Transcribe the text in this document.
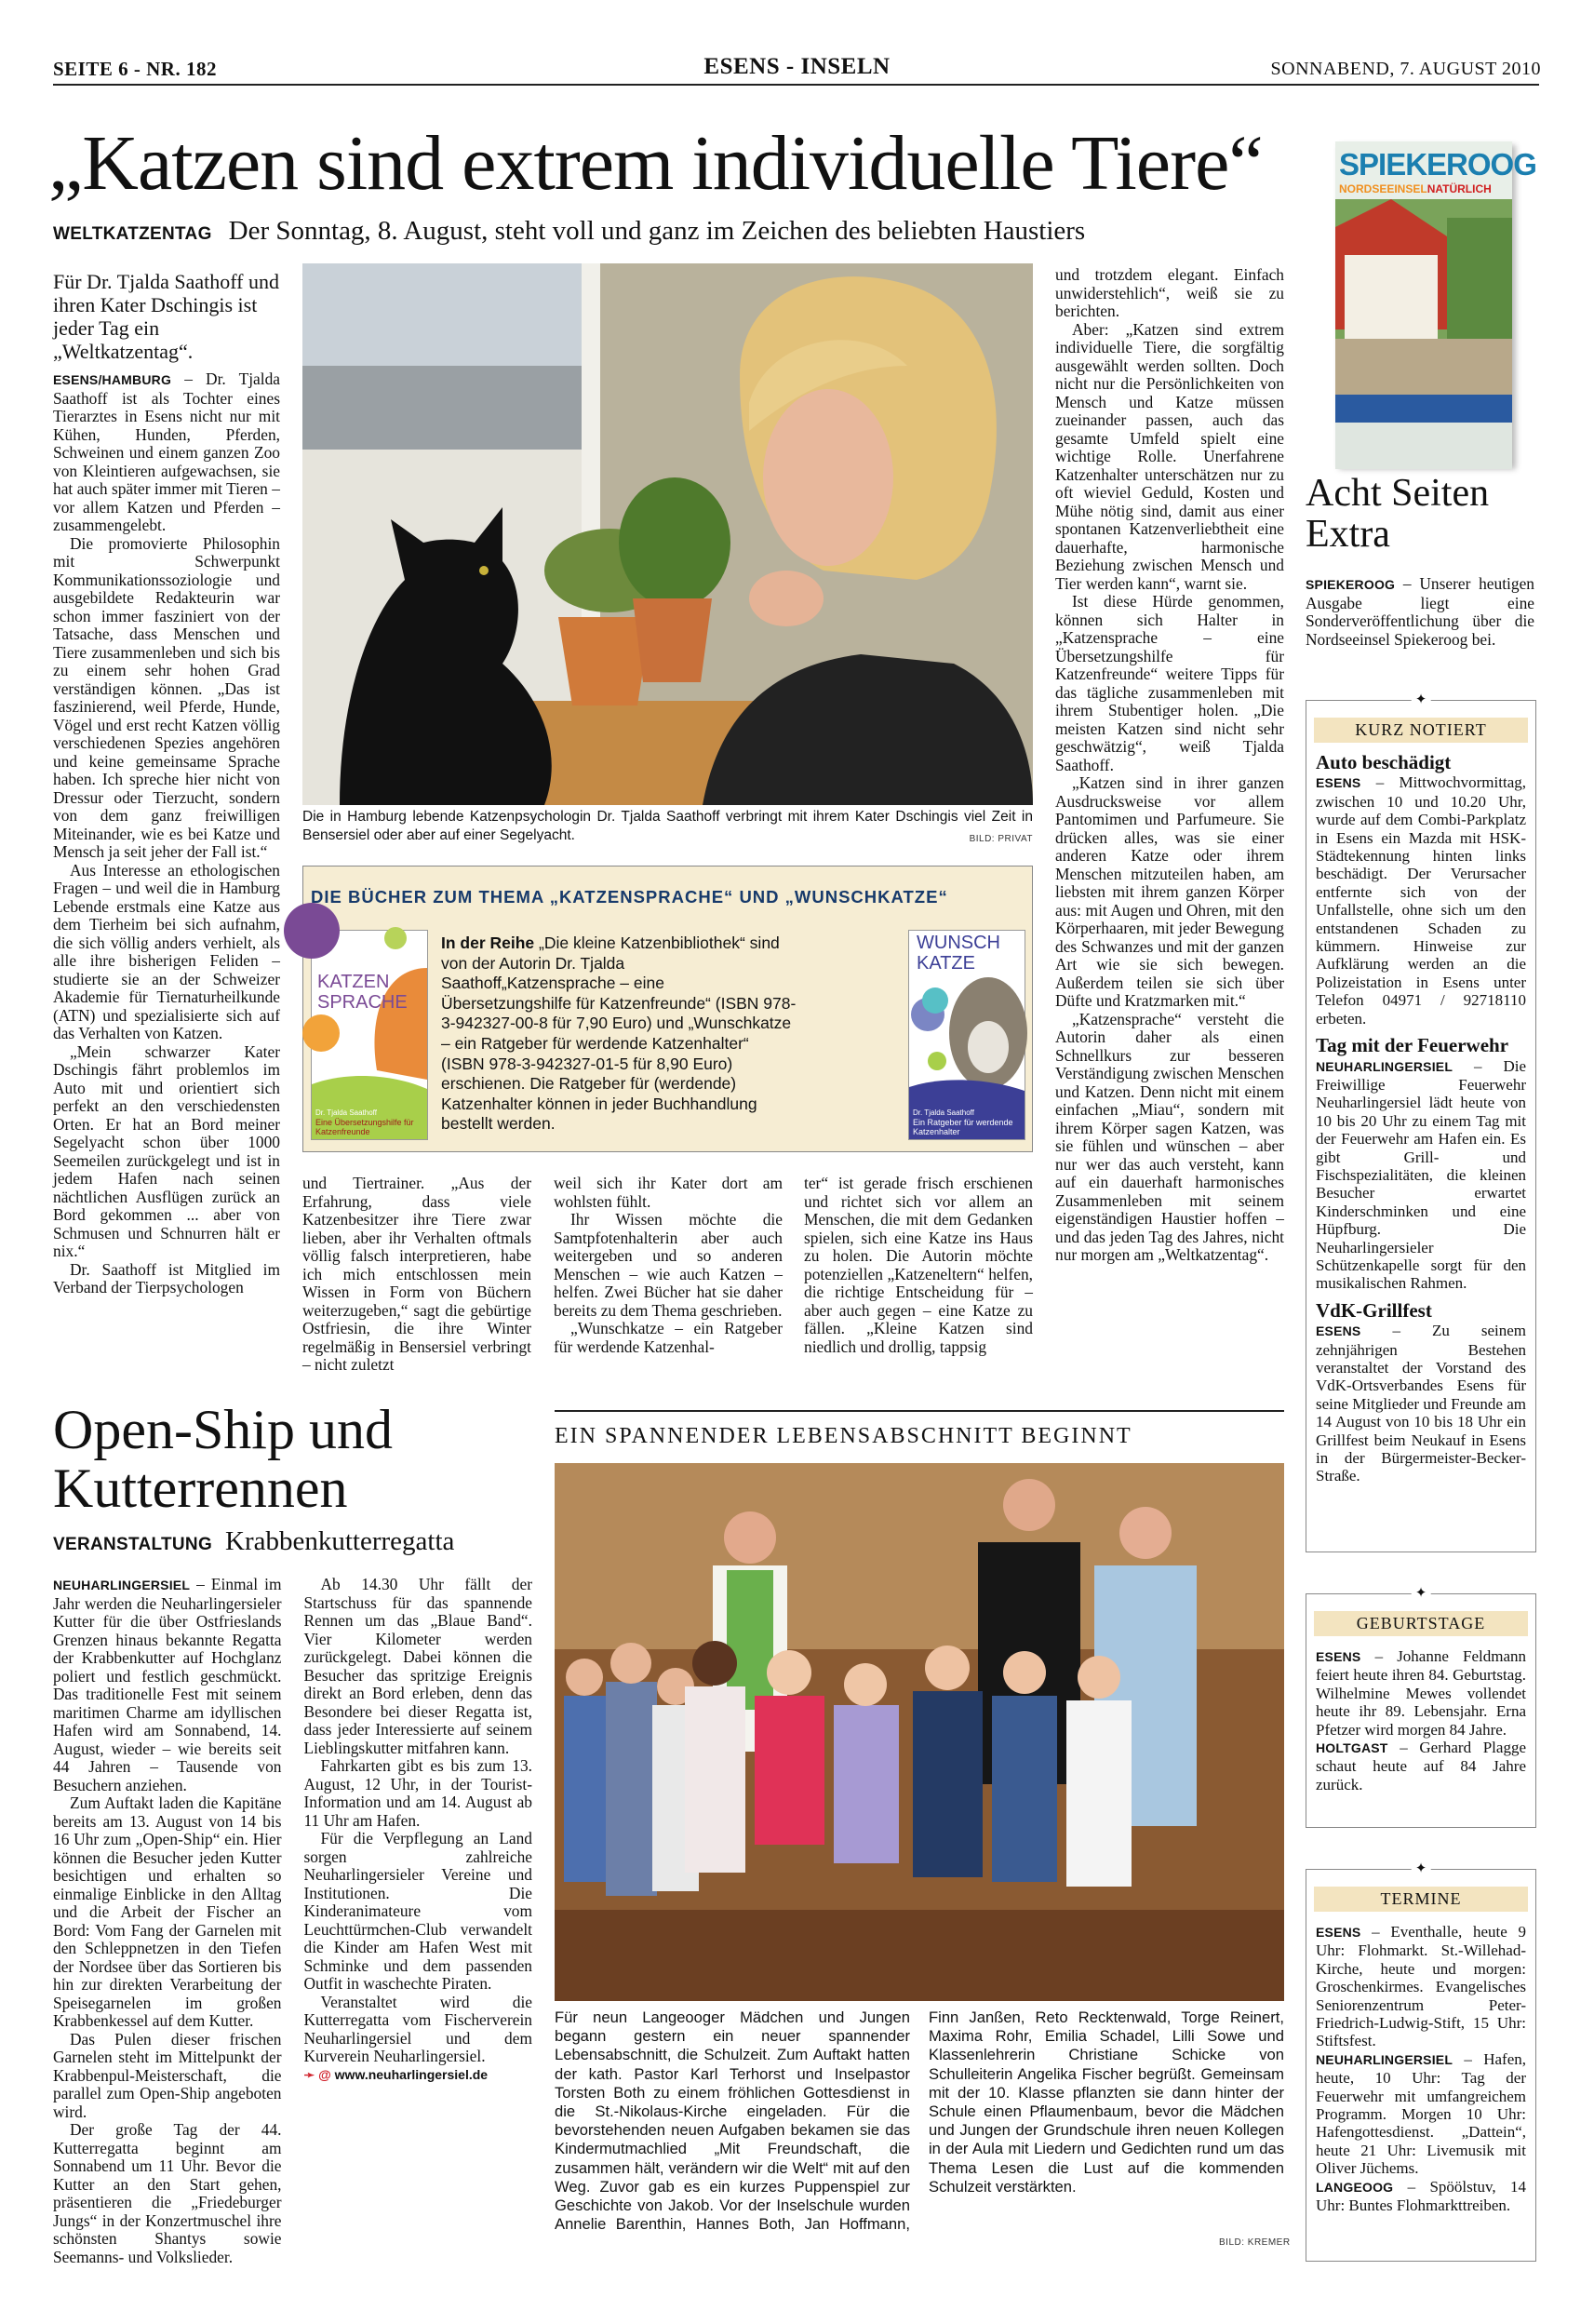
SEITE 6 - NR. 182	ESENS - INSELN	SONNABEND, 7. AUGUST 2010
„Katzen sind extrem individuelle Tiere“
WELTKATZENTAG Der Sonntag, 8. August, steht voll und ganz im Zeichen des beliebten Haustiers

Für Dr. Tjalda Saathoff und ihren Kater Dschingis ist jeder Tag ein „Weltkatzentag“.

ESENS/HAMBURG – Dr. Tjalda Saathoff ist als Tochter eines Tierarztes in Esens nicht nur mit Kühen, Hunden, Pferden, Schweinen und einem ganzen Zoo von Kleintieren aufgewachsen, sie hat auch später immer mit Tieren – vor allem Katzen und Pferden – zusammengelebt.

Die promovierte Philosophin mit Schwerpunkt Kommunikationssoziologie und ausgebildete Redakteurin war schon immer fasziniert von der Tatsache, dass Menschen und Tiere zusammenleben und sich bis zu einem sehr hohen Grad verständigen können. „Das ist faszinierend, weil Pferde, Hunde, Vögel und erst recht Katzen völlig verschiedenen Spezies angehören und keine gemeinsame Sprache haben. Ich spreche hier nicht von Dressur oder Tierzucht, sondern von dem ganz freiwilligen Miteinander, wie es bei Katze und Mensch ja seit jeher der Fall ist.“

Aus Interesse an ethologischen Fragen – und weil die in Hamburg Lebende erstmals eine Katze aus dem Tierheim bei sich aufnahm, die sich völlig anders verhielt, als alle ihre bisherigen Feliden – studierte sie an der Schweizer Akademie für Tiernaturheilkunde (ATN) und spezialisierte sich auf das Verhalten von Katzen.

„Mein schwarzer Kater Dschingis fährt problemlos im Auto mit und orientiert sich perfekt an den verschiedensten Orten. Er hat an Bord meiner Segelyacht schon über 1000 Seemeilen zurückgelegt und ist in jedem Hafen nach seinen nächtlichen Ausflügen zurück an Bord gekommen ... aber von Schmusen und Schnurren hält er nix.“

Dr. Saathoff ist Mitglied im Verband der Tierpsychologen

Die in Hamburg lebende Katzenpsychologin Dr. Tjalda Saathoff verbringt mit ihrem Kater Dschingis viel Zeit in Bensersiel oder aber auf einer Segelyacht.	BILD: PRIVAT
DIE BÜCHER ZUM THEMA „KATZENSPRACHE“ UND „WUNSCHKATZE“
KATZEN
SPRACHE
Dr. Tjalda Saathoff
Eine Übersetzungshilfe für Katzenfreunde
In der Reihe „Die kleine Katzenbibliothek“ sind von der Autorin Dr. Tjalda Saathoff„Katzensprache – eine Übersetzungshilfe für Katzenfreunde“ (ISBN 978-3-942327-00-8 für 7,90 Euro) und „Wunschkatze – ein Ratgeber für werdende Katzenhalter“ (ISBN 978-3-942327-01-5 für 8,90 Euro) erschienen. Die Ratgeber für (werdende) Katzenhalter können in jeder Buchhandlung bestellt werden.
WUNSCH
KATZE
Dr. Tjalda Saathoff
Ein Ratgeber für werdende Katzenhalter

und Tiertrainer. „Aus der Erfahrung, dass viele Katzenbesitzer ihre Tiere zwar lieben, aber ihr Verhalten oftmals völlig falsch interpretieren, habe ich mich entschlossen mein Wissen in Form von Büchern weiterzugeben,“ sagt die gebürtige Ostfriesin, die ihre Winter regelmäßig in Bensersiel verbringt – nicht zuletzt

weil sich ihr Kater dort am wohlsten fühlt.

Ihr Wissen möchte die Samtpfotenhalterin aber auch weitergeben und so anderen Menschen – wie auch Katzen – helfen. Zwei Bücher hat sie daher bereits zu dem Thema geschrieben.

„Wunschkatze – ein Ratgeber für werdende Katzenhal-

ter“ ist gerade frisch erschienen und richtet sich vor allem an Menschen, die mit dem Gedanken spielen, sich eine Katze ins Haus zu holen. Die Autorin möchte potenziellen „Katzeneltern“ helfen, die richtige Entscheidung für – aber auch gegen – eine Katze zu fällen. „Kleine Katzen sind niedlich und drollig, tappsig

und trotzdem elegant. Einfach unwiderstehlich“, weiß sie zu berichten.

Aber: „Katzen sind extrem individuelle Tiere, die sorgfältig ausgewählt werden sollten. Doch nicht nur die Persönlichkeiten von Mensch und Katze müssen zueinander passen, auch das gesamte Umfeld spielt eine wichtige Rolle. Unerfahrene Katzenhalter unterschätzen nur zu oft wieviel Geduld, Kosten und Mühe nötig sind, damit aus einer spontanen Katzenverliebtheit eine dauerhafte, harmonische Beziehung zwischen Mensch und Tier werden kann“, warnt sie.

Ist diese Hürde genommen, können sich Halter in „Katzensprache – eine Übersetzungshilfe für Katzenfreunde“ weitere Tipps für das tägliche zusammenleben mit ihrem Stubentiger holen. „Die meisten Katzen sind nicht sehr geschwätzig“, weiß Tjalda Saathoff.

„Katzen sind in ihrer ganzen Ausdrucksweise vor allem Pantomimen und Parfumeure. Sie drücken alles, was sie einer anderen Katze oder ihrem Menschen mitzuteilen haben, am liebsten mit ihrem ganzen Körper aus: mit Augen und Ohren, mit den Körperhaaren, mit jeder Bewegung des Schwanzes und mit der ganzen Art wie sie sich bewegen. Außerdem teilen sie sich über Düfte und Kratzmarken mit.“

„Katzensprache“ versteht die Autorin daher als einen Schnellkurs zur besseren Verständigung zwischen Menschen und Katzen. Denn nicht mit einem einfachen „Miau“, sondern mit ihrem Körper sagen Katzen, was sie fühlen und wünschen – aber nur wer das auch versteht, kann auf ein dauerhaft harmonisches Zusammenleben mit seinem eigenständigen Haustier hoffen – und das jeden Tag des Jahres, nicht nur morgen am „Weltkatzentag“.

SPIEKEROOG
NORDSEEINSELNATÜRLICH
Acht Seiten Extra

SPIEKEROOG – Unserer heutigen Ausgabe liegt eine Sonderveröffentlichung über die Nordseeinsel Spiekeroog bei.

✦
KURZ NOTIERT
Auto beschädigt

ESENS – Mittwochvormittag, zwischen 10 und 10.20 Uhr, wurde auf dem Combi-Parkplatz in Esens ein Mazda mit HSK-Städtekennung hinten links beschädigt. Der Verursacher entfernte sich von der Unfallstelle, ohne sich um den entstandenen Schaden zu kümmern. Hinweise zur Aufklärung werden an die Polizeistation in Esens unter Telefon 04971 / 92718110 erbeten.

Tag mit der Feuerwehr

NEUHARLINGERSIEL – Die Freiwillige Feuerwehr Neuharlingersiel lädt heute von 10 bis 20 Uhr zu einem Tag mit der Feuerwehr am Hafen ein. Es gibt Grill- und Fischspezialitäten, die kleinen Besucher erwartet Kinderschminken und eine Hüpfburg. Die Neuharlingersieler Schützenkapelle sorgt für den musikalischen Rahmen.

VdK-Grillfest

ESENS – Zu seinem zehnjährigen Bestehen veranstaltet der Vorstand des VdK-Ortsverbandes Esens für seine Mitglieder und Freunde am 14 August von 10 bis 18 Uhr ein Grillfest beim Neukauf in Esens in der Bürgermeister-Becker-Straße.

✦
GEBURTSTAGE

ESENS – Johanne Feldmann feiert heute ihren 84. Geburtstag. Wilhelmine Mewes vollendet heute ihr 89. Lebensjahr. Erna Pfetzer wird morgen 84 Jahre.

HOLTGAST – Gerhard Plagge schaut heute auf 84 Jahre zurück.

✦
TERMINE

ESENS – Eventhalle, heute 9 Uhr: Flohmarkt. St.-Willehad-Kirche, heute und morgen: Groschenkirmes. Evangelisches Seniorenzentrum Peter-Friedrich-Ludwig-Stift, 15 Uhr: Stiftsfest.

NEUHARLINGERSIEL – Hafen, heute, 10 Uhr: Tag der Feuerwehr mit umfangreichem Programm. Morgen 10 Uhr: Hafengottesdienst. „Dattein“, heute 21 Uhr: Livemusik mit Oliver Jüchems.

LANGEOOG – Spöölstuv, 14 Uhr: Buntes Flohmarkttreiben.

Open-Ship und Kutterrennen
VERANSTALTUNG Krabbenkutterregatta

NEUHARLINGERSIEL – Einmal im Jahr werden die Neuharlingersieler Kutter für die über Ostfrieslands Grenzen hinaus bekannte Regatta der Krabbenkutter auf Hochglanz poliert und festlich geschmückt. Das traditionelle Fest mit seinem maritimen Charme am idyllischen Hafen wird am Sonnabend, 14. August, wieder – wie bereits seit 44 Jahren – Tausende von Besuchern anziehen.

Zum Auftakt laden die Kapitäne bereits am 13. August von 14 bis 16 Uhr zum „Open-Ship“ ein. Hier können die Besucher jeden Kutter besichtigen und erhalten so einmalige Einblicke in den Alltag und die Arbeit der Fischer an Bord: Vom Fang der Garnelen mit den Schleppnetzen in den Tiefen der Nordsee über das Sortieren bis hin zur direkten Verarbeitung der Speisegarnelen im großen Krabbenkessel auf dem Kutter.

Das Pulen dieser frischen Garnelen steht im Mittelpunkt der Krabbenpul-Meisterschaft, die parallel zum Open-Ship angeboten wird.

Der große Tag der 44. Kutterregatta beginnt am Sonnabend um 11 Uhr. Bevor die Kutter an den Start gehen, präsentieren die „Friedeburger Jungs“ in der Konzertmuschel ihre schönsten Shantys sowie Seemanns- und Volkslieder.

Ab 14.30 Uhr fällt der Startschuss für das spannende Rennen um das „Blaue Band“. Vier Kilometer werden zurückgelegt. Dabei können die Besucher das spritzige Ereignis direkt an Bord erleben, denn das Besondere bei dieser Regatta ist, dass jeder Interessierte auf seinem Lieblingskutter mitfahren kann.

Fahrkarten gibt es bis zum 13. August, 12 Uhr, in der Tourist-Information und am 14. August ab 11 Uhr am Hafen.

Für die Verpflegung an Land sorgen zahlreiche Neuharlingersieler Vereine und Institutionen. Die Kinderanimateure vom Leuchttürmchen-Club verwandelt die Kinder am Hafen West mit Schminke und dem passenden Outfit in waschechte Piraten.

Veranstaltet wird die Kutterregatta vom Fischerverein Neuharlingersiel und dem Kurverein Neuharlingersiel.

➛ @ www.neuharlingersiel.de

EIN SPANNENDER LEBENSABSCHNITT BEGINNT
Für neun Langeooger Mädchen und Jungen begann gestern ein neuer spannender Lebensabschnitt, die Schulzeit. Zum Auftakt hatten der kath. Pastor Karl Terhorst und Inselpastor Torsten Both zu einem fröhlichen Gottesdienst in die St.-Nikolaus-Kirche eingeladen. Für die bevorstehenden neuen Aufgaben bekamen sie das Kindermutmachlied „Mit Freundschaft, die zusammen hält, verändern wir die Welt“ mit auf den Weg. Zuvor gab es ein kurzes Puppenspiel zur Geschichte von Jakob. Vor der Inselschule wurden Annelie Barenthin, Hannes Both, Jan Hoffmann, Finn Janßen, Reto Recktenwald, Torge Reinert, Maxima Rohr, Emilia Schadel, Lilli Sowe und Klassenlehrerin Christiane Schicke von Schulleiterin Angelika Fischer begrüßt. Gemeinsam mit der 10. Klasse pflanzten sie dann hinter der Schule einen Pflaumenbaum, bevor die Mädchen und Jungen der Grundschule ihren neuen Kollegen in der Aula mit Liedern und Gedichten rund um das Thema Lesen die Lust auf die kommenden Schulzeit verstärkten.
BILD: KREMER
